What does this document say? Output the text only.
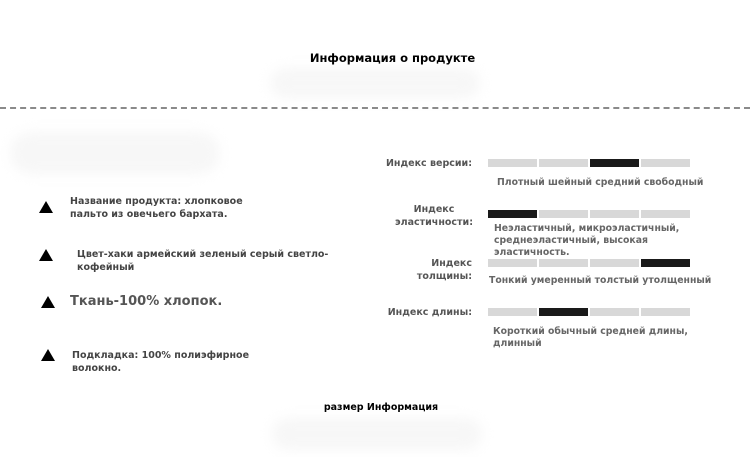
Информация о продукте
Название продукта: хлопковое пальто из овечьего бархата.
Цвет-хаки армейский зеленый серый светло-кофейный
Ткань-100% хлопок.
Подкладка: 100% полиэфирное волокно.
Индекс версии:
Плотный шейный средний свободный
Индекс эластичности:
Неэластичный, микроэластичный, среднеэластичный, высокая эластичность.
Индекс толщины: Тонкий умеренный толстый утолщенный
Индекс длины:
Короткий обычный средней длины, длинный
размер Информация
